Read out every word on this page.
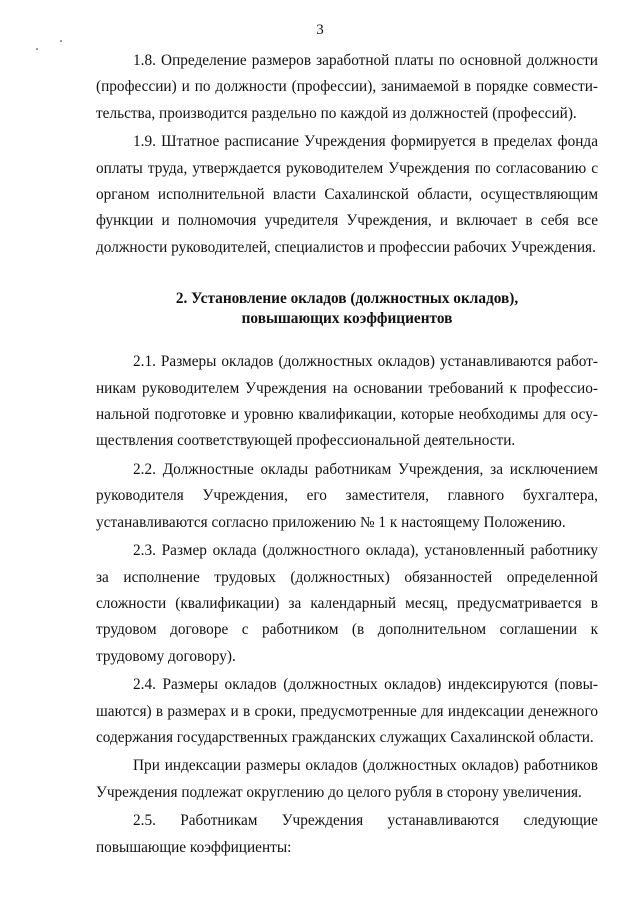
3

1.8. Определение размеров заработной платы по основной должности (профессии) и по должности (профессии), занимаемой в порядке совмести-тельства, производится раздельно по каждой из должностей (профессий).

1.9. Штатное расписание Учреждения формируется в пределах фонда оплаты труда, утверждается руководителем Учреждения по согласованию с органом исполнительной власти Сахалинской области, осуществляющим функции и полномочия учредителя Учреждения, и включает в себя все должности руководителей, специалистов и профессии рабочих Учреждения.

2. Установление окладов (должностных окладов),
повышающих коэффициентов

2.1. Размеры окладов (должностных окладов) устанавливаются работ-никам руководителем Учреждения на основании требований к профессио-нальной подготовке и уровню квалификации, которые необходимы для осу-ществления соответствующей профессиональной деятельности.

2.2. Должностные оклады работникам Учреждения, за исключением руководителя Учреждения, его заместителя, главного бухгалтера, устанавливаются согласно приложению № 1 к настоящему Положению.

2.3. Размер оклада (должностного оклада), установленный работнику за исполнение трудовых (должностных) обязанностей определенной сложности (квалификации) за календарный месяц, предусматривается в трудовом договоре с работником (в дополнительном соглашении к трудовому договору).

2.4. Размеры окладов (должностных окладов) индексируются (повы-шаются) в размерах и в сроки, предусмотренные для индексации денежного содержания государственных гражданских служащих Сахалинской области.

При индексации размеры окладов (должностных окладов) работников Учреждения подлежат округлению до целого рубля в сторону увеличения.

2.5. Работникам Учреждения устанавливаются следующие
повышающие коэффициенты:
